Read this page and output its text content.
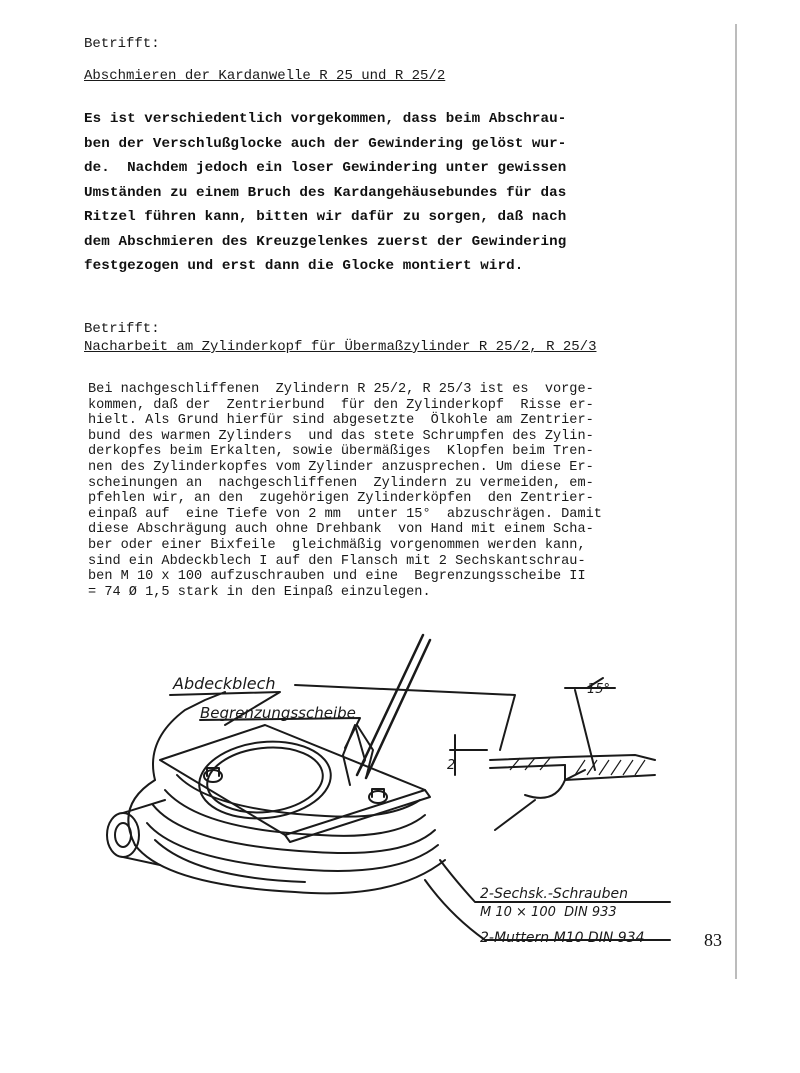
Betrifft:
Abschmieren der Kardanwelle R 25 und R 25/2
Es ist verschiedentlich vorgekommen, dass beim Abschrau-
ben der Verschlußglocke auch der Gewindering gelöst wur-
de.  Nachdem jedoch ein loser Gewindering unter gewissen
Umständen zu einem Bruch des Kardangehäusebundes für das
Ritzel führen kann, bitten wir dafür zu sorgen, daß nach
dem Abschmieren des Kreuzgelenkes zuerst der Gewindering
festgezogen und erst dann die Glocke montiert wird.
Betrifft:
Nacharbeit am Zylinderkopf für Übermaßzylinder R 25/2, R 25/3
Bei nachgeschliffenen  Zylindern R 25/2, R 25/3 ist es  vorge-
kommen, daß der  Zentrierbund  für den Zylinderkopf  Risse er-
hielt. Als Grund hierfür sind abgesetzte  Ölkohle am Zentrier-
bund des warmen Zylinders  und das stete Schrumpfen des Zylin-
derkopfes beim Erkalten, sowie übermäßiges  Klopfen beim Tren-
nen des Zylinderkopfes vom Zylinder anzusprechen. Um diese Er-
scheinungen an  nachgeschliffenen  Zylindern zu vermeiden, em-
pfehlen wir, an den  zugehörigen Zylinderköpfen  den Zentrier-
einpaß auf  eine Tiefe von 2 mm  unter 15°  abzuschrägen. Damit
diese Abschrägung auch ohne Drehbank  von Hand mit einem Scha-
ber oder einer Bixfeile  gleichmäßig vorgenommen werden kann,
sind ein Abdeckblech I auf den Flansch mit 2 Sechskantschrau-
ben M 10 x 100 aufzuschrauben und eine  Begrenzungsscheibe II
= 74 Ø 1,5 stark in den Einpaß einzulegen.
Abdeckblech
Begrenzungsscheibe
15°
2
2-Sechsk.-Schrauben
M 10 × 100  DIN 933
2-Muttern M10 DIN 934	83
